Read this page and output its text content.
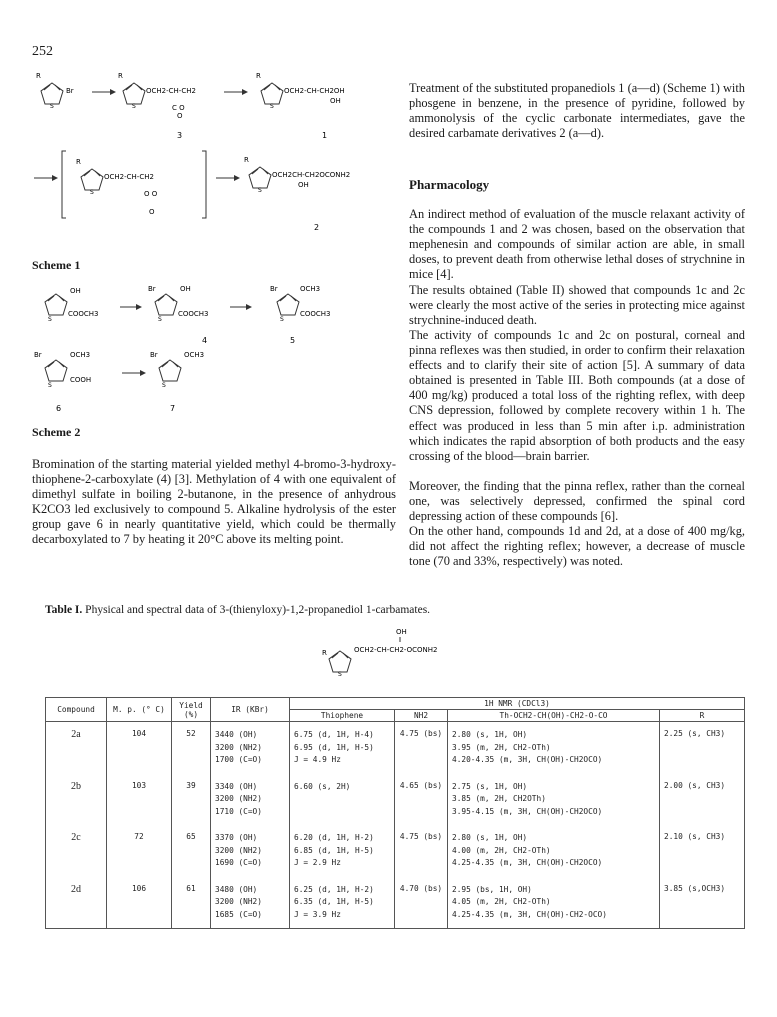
252
R
Br
S
R
OCH2-CH-CH2
S	C O
O
R
OCH2-CH-CH2OH
OH
S
3	1
R
OCH2-CH-CH2
S	O O
O
R
OCH2CH-CH2OCONH2
OH
S
2
Scheme 1
OH
COOCH3
S
Br	OH
COOCH3
S
Br	OCH3
COOCH3
S
4	5
Br	OCH3
COOH
S
Br	OCH3
S
6	7
Scheme 2

Bromination of the starting material yielded methyl 4-bromo-3-hydroxy-thiophene-2-carboxylate (4) [3]. Methylation of 4 with one equivalent of dimethyl sulfate in boiling 2-butanone, in the presence of anhydrous K2CO3 led exclusively to compound 5. Alkaline hydrolysis of the ester group gave 6 in nearly quantitative yield, which could be thermally decarboxylated to 7 by heating it 20°C above its melting point.

Treatment of the substituted propanediols 1 (a—d) (Scheme 1) with phosgene in benzene, in the presence of pyridine, followed by ammonolysis of the cyclic carbonate intermediates, gave the desired carbamate derivatives 2 (a—d).

Pharmacology

An indirect method of evaluation of the muscle relaxant activity of the compounds 1 and 2 was chosen, based on the observation that mephenesin and compounds of similar action are able, in small doses, to prevent death from otherwise lethal doses of strychnine in mice [4].

The results obtained (Table II) showed that compounds 1c and 2c were clearly the most active of the series in protecting mice against strychnine-induced death.

The activity of compounds 1c and 2c on postural, corneal and pinna reflexes was then studied, in order to confirm their relaxation effects and to clarify their site of action [5]. A summary of data obtained is presented in Table III. Both compounds (at a dose of 400 mg/kg) produced a total loss of the righting reflex, with deep CNS depression, followed by complete recovery within 1 h. The effect was produced in less than 5 min after i.p. administration which indicates the rapid absorption of both products and the easy crossing of the blood—brain barrier.

Moreover, the finding that the pinna reflex, rather than the corneal one, was selectively depressed, confirmed the spinal cord depressing action of these compounds [6].

On the other hand, compounds 1d and 2d, at a dose of 400 mg/kg, did not affect the righting reflex; however, a decrease of muscle tone (70 and 33%, respectively) was noted.

Table I. Physical and spectral data of 3-(thienyloxy)-1,2-propanediol 1-carbamates.
R
OH
OCH2-CH-CH2-OCONH2
S
Compound	M. p. (° C)	Yield (%)	IR (KBr)	1H NMR (CDCl3)			
				Thiophene	NH2	Th-OCH2-CH(OH)-CH2-O-CO	R
2a	104	52	3440 (OH)
3200 (NH2)
1700 (C=O)	6.75 (d, 1H, H-4)
6.95 (d, 1H, H-5)
J = 4.9 Hz	4.75 (bs)	2.80 (s, 1H, OH)
3.95 (m, 2H, CH2-OTh)
4.20-4.35 (m, 3H, CH(OH)-CH2OCO)	2.25 (s, CH3)
2b	103	39	3340 (OH)
3200 (NH2)
1710 (C=O)	6.60 (s, 2H)	4.65 (bs)	2.75 (s, 1H, OH)
3.85 (m, 2H, CH2OTh)
3.95-4.15 (m, 3H, CH(OH)-CH2OCO)	2.00 (s, CH3)
2c	72	65	3370 (OH)
3200 (NH2)
1690 (C=O)	6.20 (d, 1H, H-2)
6.85 (d, 1H, H-5)
J = 2.9 Hz	4.75 (bs)	2.80 (s, 1H, OH)
4.00 (m, 2H, CH2-OTh)
4.25-4.35 (m, 3H, CH(OH)-CH2OCO)	2.10 (s, CH3)
2d	106	61	3480 (OH)
3200 (NH2)
1685 (C=O)	6.25 (d, 1H, H-2)
6.35 (d, 1H, H-5)
J = 3.9 Hz	4.70 (bs)	2.95 (bs, 1H, OH)
4.05 (m, 2H, CH2-OTh)
4.25-4.35 (m, 3H, CH(OH)-CH2-OCO)	3.85 (s,OCH3)
